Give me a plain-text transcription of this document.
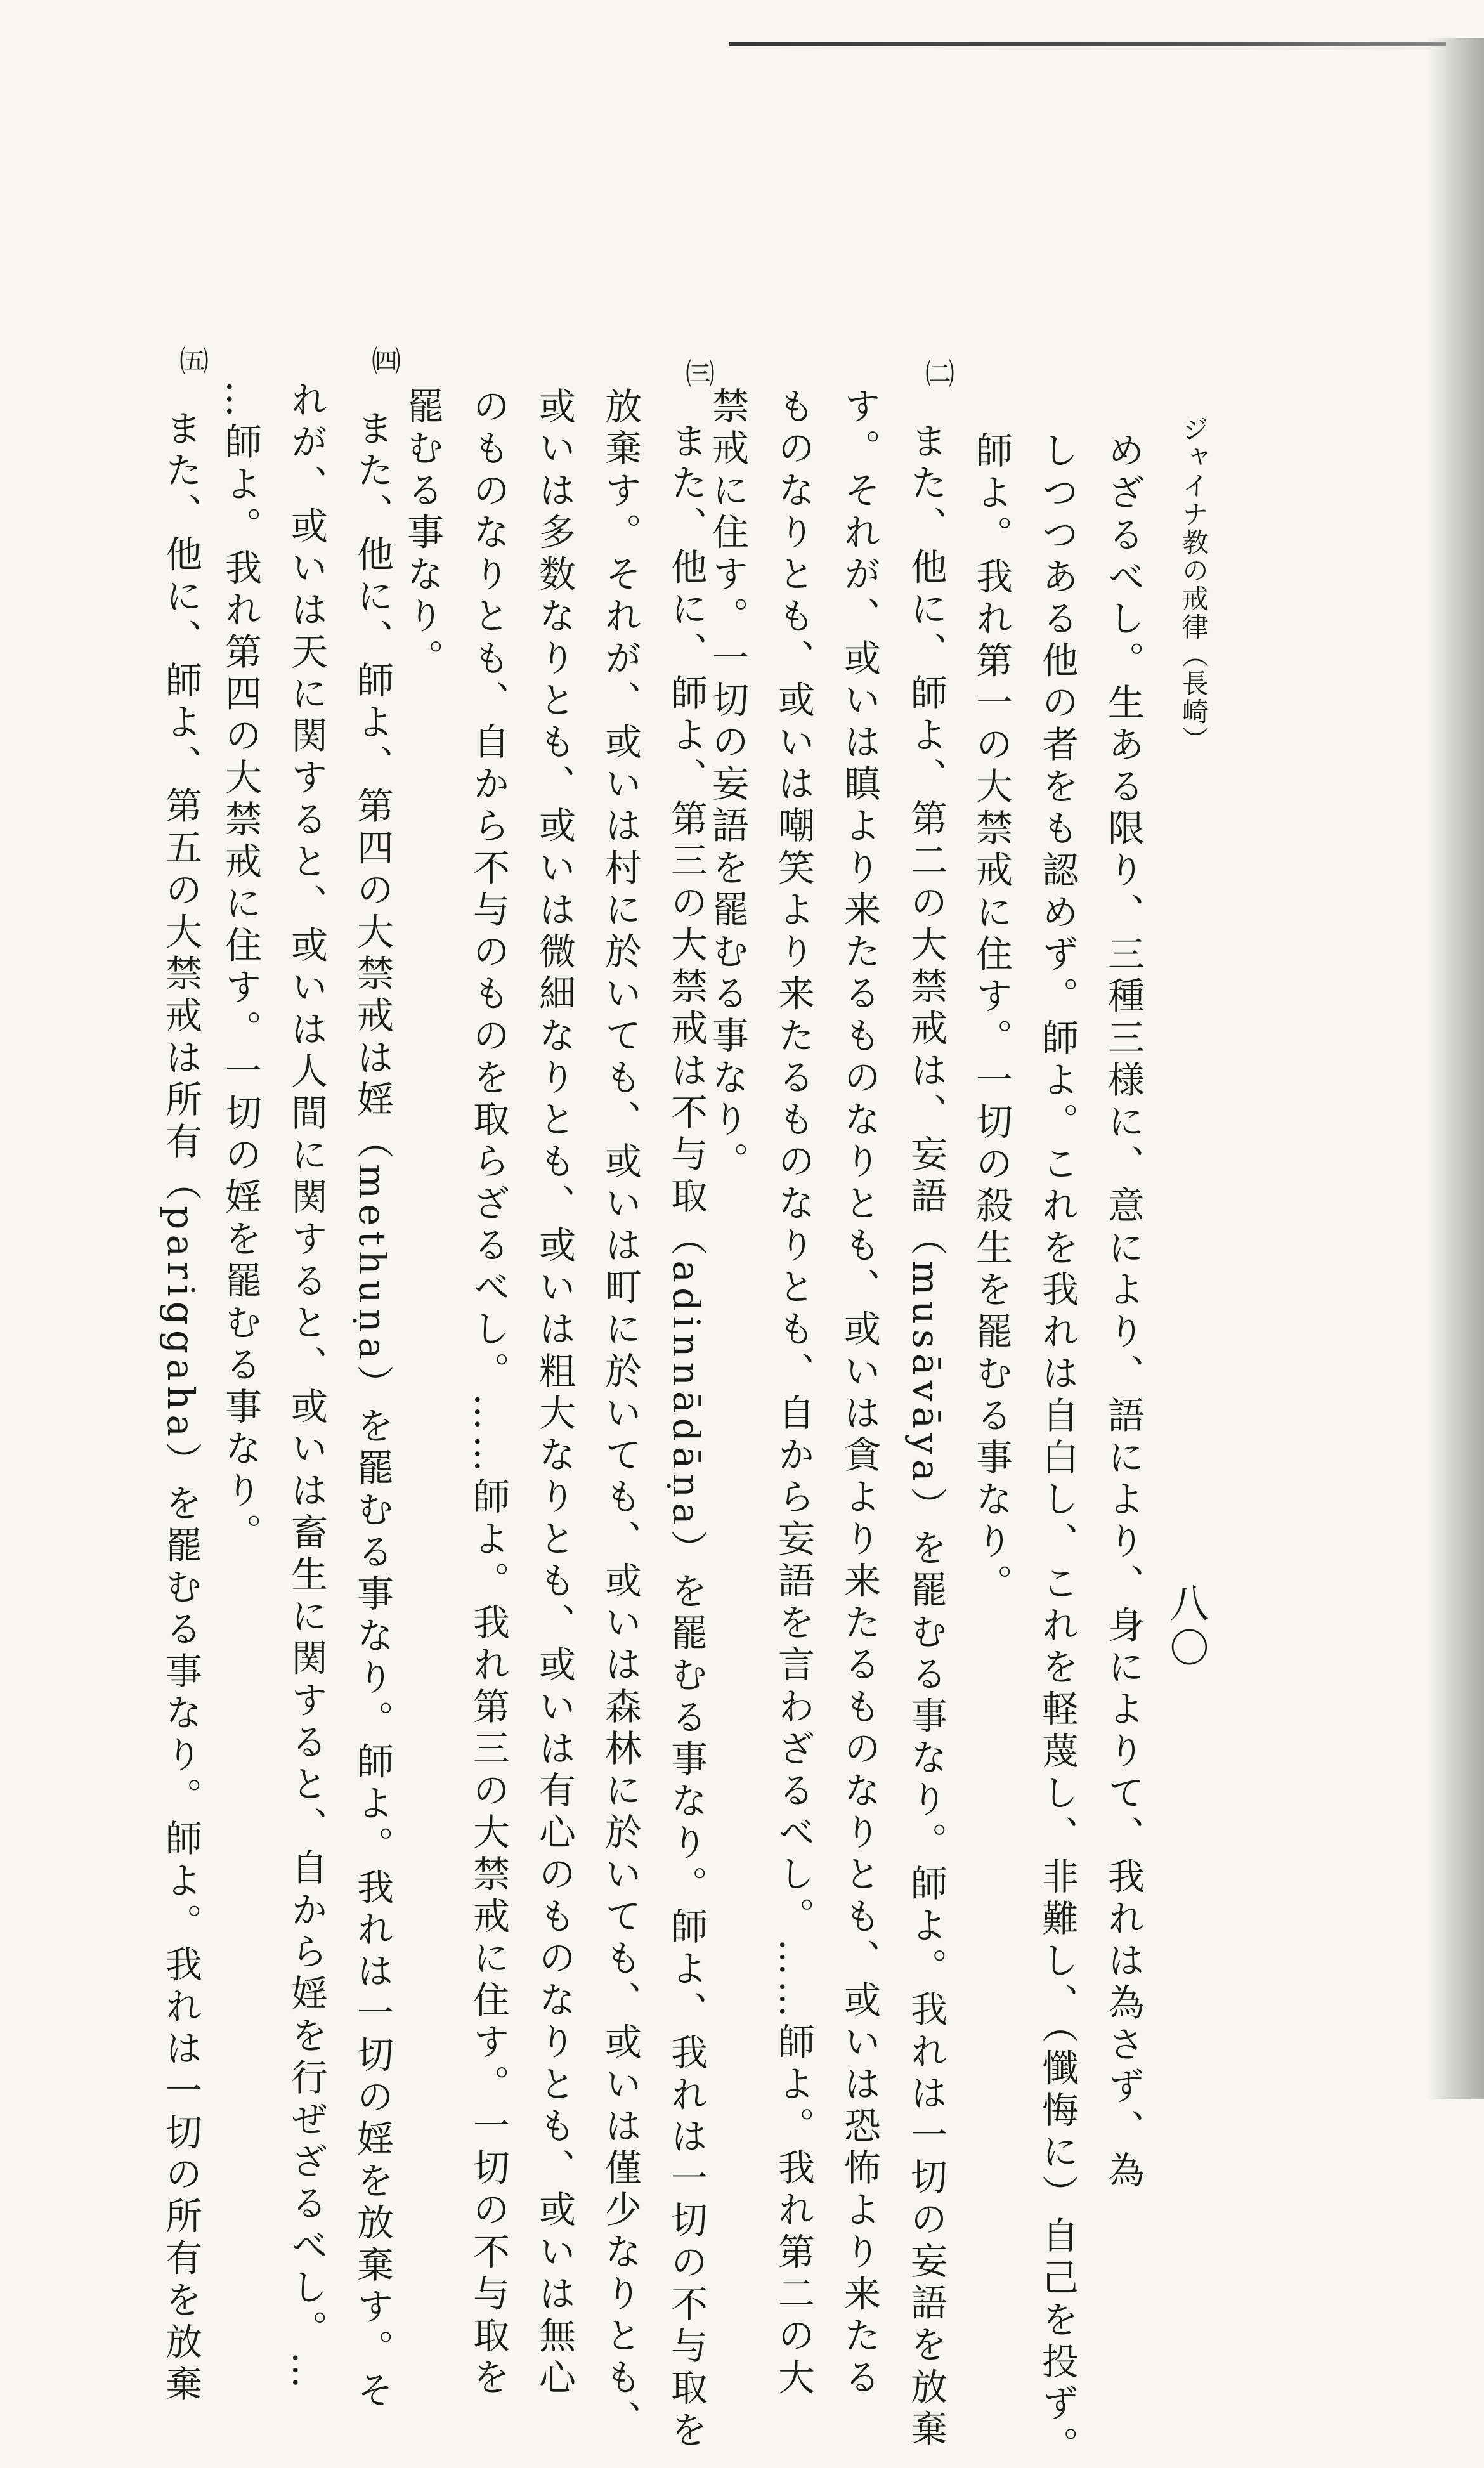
ジャイナ教の戒律（長崎）
八〇
めざるべし。生ある限り、三種三様に、意により、語により、身によりて、我れは為さず、為
しつつある他の者をも認めず。師よ。これを我れは自白し、これを軽蔑し、非難し、（懺悔に）自己を投ず。
師よ。我れ第一の大禁戒に住す。一切の殺生を罷むる事なり。
㈡
また、他に、師よ、第二の大禁戒は、妄語（musāvāya）を罷むる事なり。師よ。我れは一切の妄語を放棄
す。それが、或いは瞋より来たるものなりとも、或いは貪より来たるものなりとも、或いは恐怖より来たる
ものなりとも、或いは嘲笑より来たるものなりとも、自から妄語を言わざるべし。……師よ。我れ第二の大
禁戒に住す。一切の妄語を罷むる事なり。
㈢
また、他に、師よ、第三の大禁戒は不与取（adinnādāṇa）を罷むる事なり。師よ、我れは一切の不与取を
放棄す。それが、或いは村に於いても、或いは町に於いても、或いは森林に於いても、或いは僅少なりとも、
或いは多数なりとも、或いは微細なりとも、或いは粗大なりとも、或いは有心のものなりとも、或いは無心
のものなりとも、自から不与のものを取らざるべし。……師よ。我れ第三の大禁戒に住す。一切の不与取を
罷むる事なり。
㈣
また、他に、師よ、第四の大禁戒は婬（methuṇa）を罷むる事なり。師よ。我れは一切の婬を放棄す。そ
れが、或いは天に関すると、或いは人間に関すると、或いは畜生に関すると、自から婬を行ぜざるべし。…
…師よ。我れ第四の大禁戒に住す。一切の婬を罷むる事なり。
㈤
また、他に、師よ、第五の大禁戒は所有（pariggaha）を罷むる事なり。師よ。我れは一切の所有を放棄
